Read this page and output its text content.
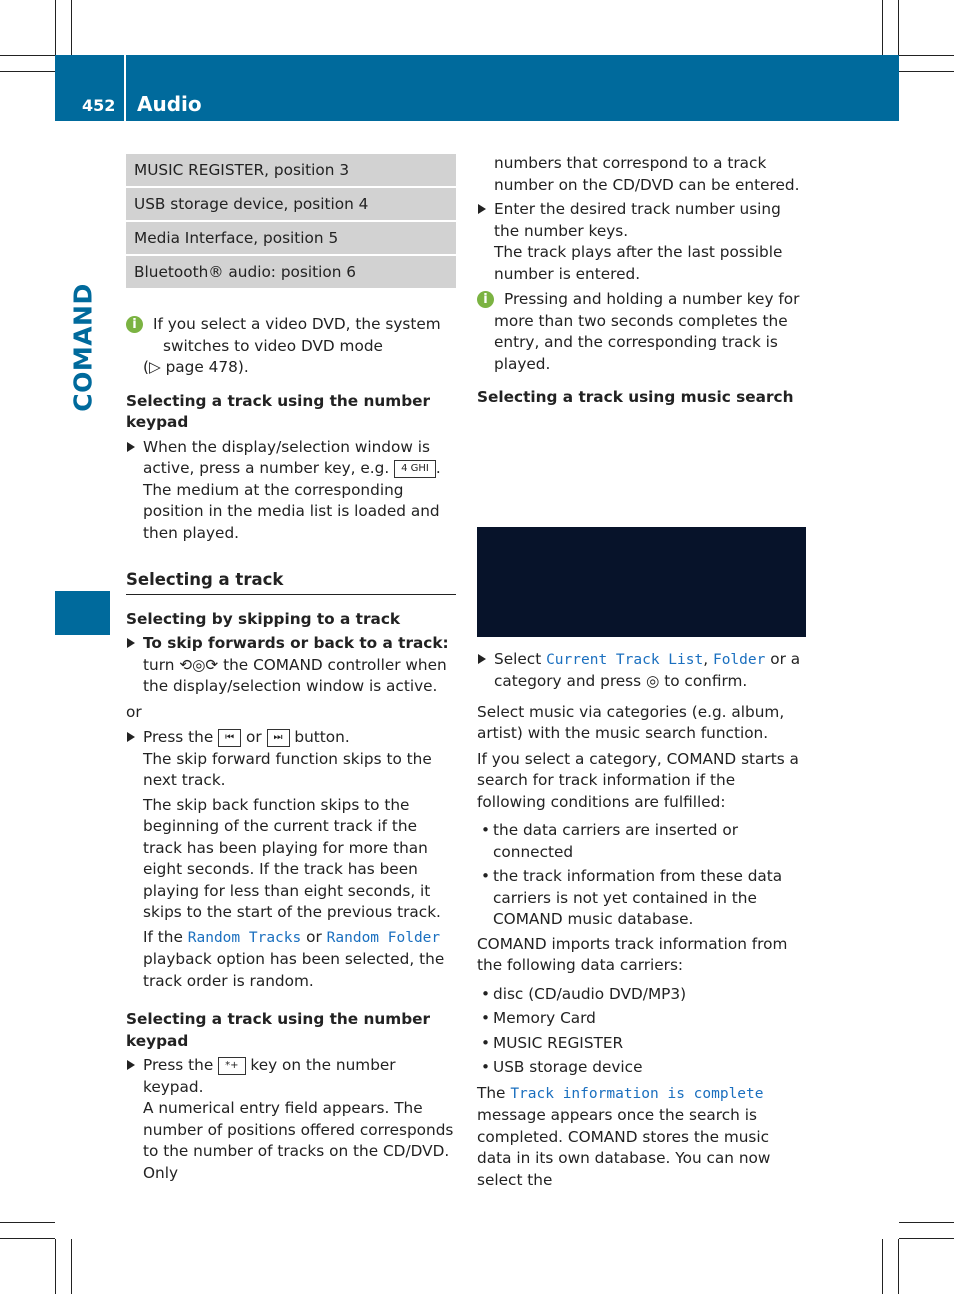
452 Audio
COMAND
MUSIC REGISTER, position 3
USB storage device, position 4
Media Interface, position 5
Bluetooth® audio: position 6
i	If you select a video DVD, the system switches to video DVD mode

(▷ page 478).

Selecting a track using the number keypad

When the display/selection window is active, press a number key, e.g. 4 GHI .

The medium at the corresponding position in the media list is loaded and then played.

Selecting a track

Selecting by skipping to a track

To skip forwards or back to a track: turn ⟲◎⟳ the COMAND controller when the display/selection window is active.

or

Press the ⏮ or ⏭ button.

The skip forward function skips to the next track.

The skip back function skips to the beginning of the current track if the track has been playing for more than eight seconds. If the track has been playing for less than eight seconds, it skips to the start of the previous track.

If the Random Tracks or Random Folder playback option has been selected, the track order is random.

Selecting a track using the number keypad

Press the *+ key on the number keypad.

A numerical entry field appears. The number of positions offered corresponds to the number of tracks on the CD/DVD. Only

numbers that correspond to a track number on the CD/DVD can be entered.

Enter the desired track number using the number keys.

The track plays after the last possible number is entered.

i	Pressing and holding a number key for more than two seconds completes the entry, and the corresponding track is played.

Selecting a track using music search

Select Current Track List, Folder or a category and press ◎ to confirm.

Select music via categories (e.g. album, artist) with the music search function.

If you select a category, COMAND starts a search for track information if the following conditions are fulfilled:

• the data carriers are inserted or connected
• the track information from these data carriers is not yet contained in the COMAND music database.

COMAND imports track information from the following data carriers:

• disc (CD/audio DVD/MP3)
• Memory Card
• MUSIC REGISTER
• USB storage device

The Track information is complete message appears once the search is completed. COMAND stores the music data in its own database. You can now select the
